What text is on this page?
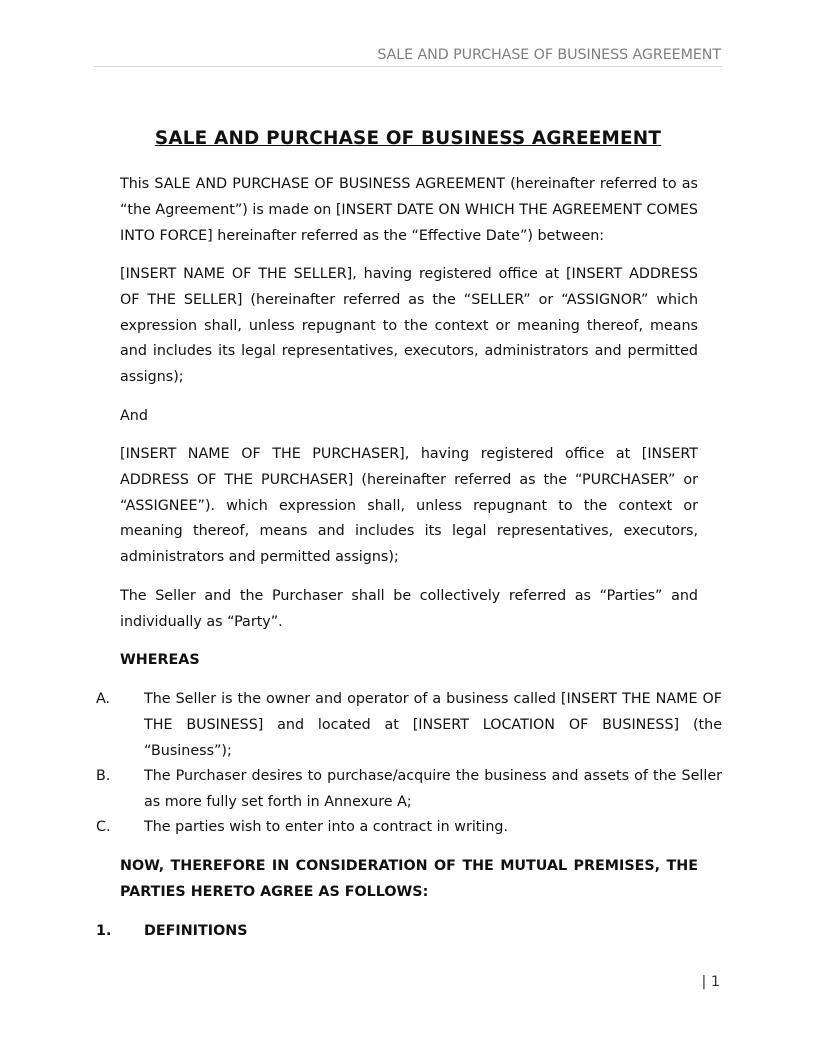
SALE AND PURCHASE OF BUSINESS AGREEMENT
SALE AND PURCHASE OF BUSINESS AGREEMENT

This SALE AND PURCHASE OF BUSINESS AGREEMENT (hereinafter referred to as “the Agreement”) is made on [INSERT DATE ON WHICH THE AGREEMENT COMES INTO FORCE] hereinafter referred as the “Effective Date”) between:

[INSERT NAME OF THE SELLER], having registered office at [INSERT ADDRESS OF THE SELLER] (hereinafter referred as the “SELLER” or “ASSIGNOR” which expression shall, unless repugnant to the context or meaning thereof, means and includes its legal representatives, executors, administrators and permitted assigns);

And

[INSERT NAME OF THE PURCHASER], having registered office at [INSERT ADDRESS OF THE PURCHASER] (hereinafter referred as the “PURCHASER” or “ASSIGNEE”). which expression shall, unless repugnant to the context or meaning thereof, means and includes its legal representatives, executors, administrators and permitted assigns);

The Seller and the Purchaser shall be collectively referred as “Parties” and individually as “Party”.

WHEREAS

A. The Seller is the owner and operator of a business called [INSERT THE NAME OF THE BUSINESS] and located at [INSERT LOCATION OF BUSINESS] (the “Business”);
B. The Purchaser desires to purchase/acquire the business and assets of the Seller as more fully set forth in Annexure A;
C. The parties wish to enter into a contract in writing.

NOW, THEREFORE IN CONSIDERATION OF THE MUTUAL PREMISES, THE PARTIES HERETO AGREE AS FOLLOWS:

1. DEFINITIONS
| 1
